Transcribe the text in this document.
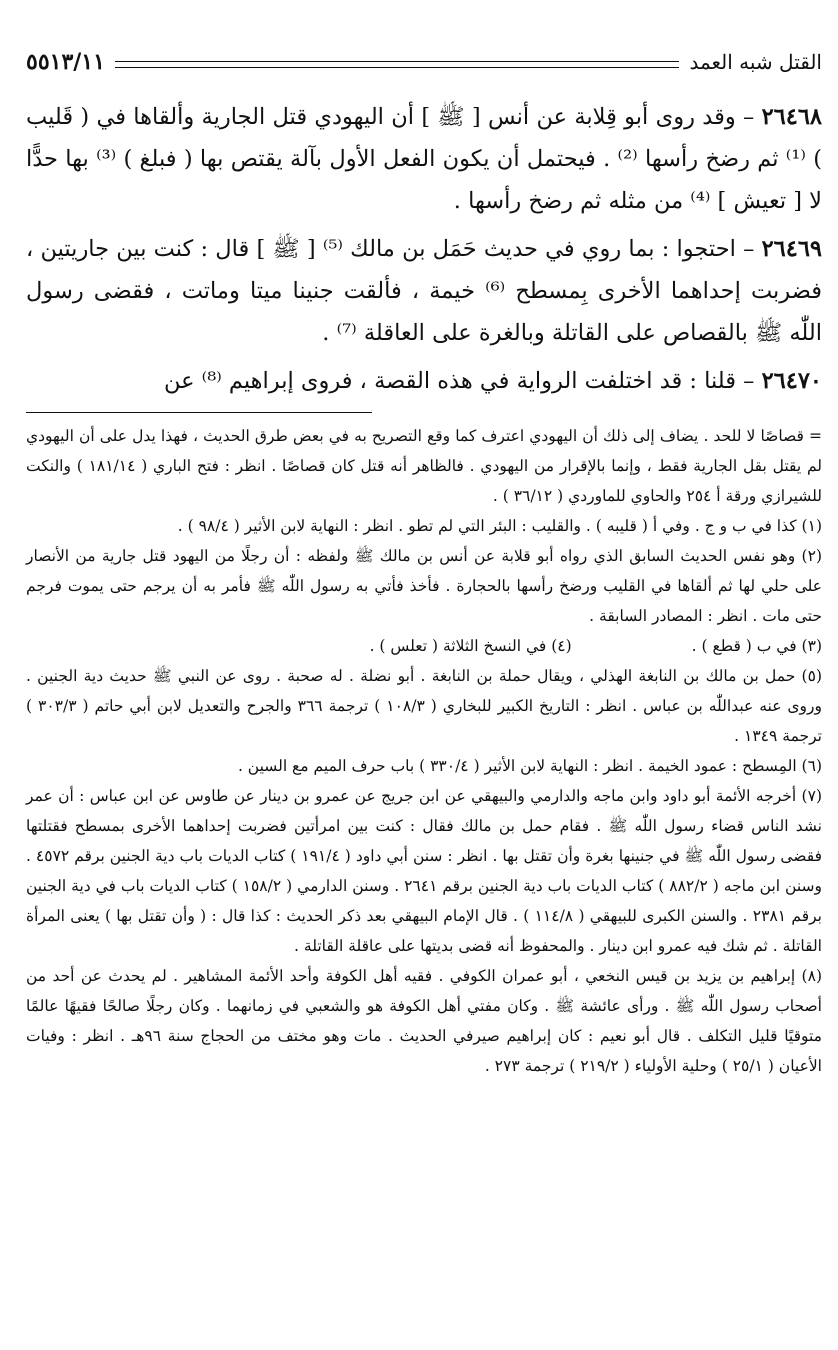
القتل شبه العمد
٥٥١٣/١١

٢٦٤٦٨ – وقد روى أبو قِلابة عن أنس [ ﷺ ] أن اليهودي قتل الجارية وألقاها في ( قَليب ) ⁽¹⁾ ثم رضخ رأسها ⁽²⁾ . فيحتمل أن يكون الفعل الأول بآلة يقتص بها ( فبلغ ) ⁽³⁾ بها حدًّا لا [ تعيش ] ⁽⁴⁾ من مثله ثم رضخ رأسها .

٢٦٤٦٩ – احتجوا : بما روي في حديث حَمَل بن مالك ⁽⁵⁾ [ ﷺ ] قال : كنت بين جاريتين ، فضربت إحداهما الأخرى بِمسطح ⁽⁶⁾ خيمة ، فألقت جنينا ميتا وماتت ، فقضى رسول اللّٰه ﷺ بالقصاص على القاتلة وبالغرة على العاقلة ⁽⁷⁾ .

٢٦٤٧٠ – قلنا : قد اختلفت الرواية في هذه القصة ، فروى إبراهيم ⁽⁸⁾ عن

= قصاصًا لا للحد . يضاف إلى ذلك أن اليهودي اعترف كما وقع التصريح به في بعض طرق الحديث ، فهذا يدل على أن اليهودي لم يقتل بقل الجارية فقط ، وإنما بالإقرار من اليهودي . فالظاهر أنه قتل كان قصاصًا . انظر : فتح الباري ( ١٨١/١٤ ) والنكت للشيرازي ورقة أ ٢٥٤ والحاوي للماوردي ( ٣٦/١٢ ) .

(١) كذا في ب و ج . وفي أ ( قليبه ) . والقليب : البئر التي لم تطو . انظر : النهاية لابن الأثير ( ٩٨/٤ ) .

(٢) وهو نفس الحديث السابق الذي رواه أبو قلابة عن أنس بن مالك ﷺ ولفظه : أن رجلًا من اليهود قتل جارية من الأنصار على حلي لها ثم ألقاها في القليب ورضخ رأسها بالحجارة . فأخذ فأتي به رسول اللّٰه ﷺ فأمر به أن يرجم حتى يموت فرجم حتى مات . انظر : المصادر السابقة .

(٣) في ب ( قطع ) .
(٤) في النسخ الثلاثة ( تعلس ) .

(٥) حمل بن مالك بن النابغة الهذلي ، ويقال حملة بن النابغة . أبو نضلة . له صحبة . روى عن النبي ﷺ حديث دية الجنين . وروى عنه عبداللّٰه بن عباس . انظر : التاريخ الكبير للبخاري ( ١٠٨/٣ ) ترجمة ٣٦٦ والجرح والتعديل لابن أبي حاتم ( ٣٠٣/٣ ) ترجمة ١٣٤٩ .

(٦) المِسطح : عمود الخيمة . انظر : النهاية لابن الأثير ( ٣٣٠/٤ ) باب حرف الميم مع السين .

(٧) أخرجه الأئمة أبو داود وابن ماجه والدارمي والبيهقي عن ابن جريج عن عمرو بن دينار عن طاوس عن ابن عباس : أن عمر نشد الناس قضاء رسول اللّٰه ﷺ . فقام حمل بن مالك فقال : كنت بين امرأتين فضربت إحداهما الأخرى بمسطح فقتلتها فقضى رسول اللّٰه ﷺ في جنينها بغرة وأن تقتل بها . انظر : سنن أبي داود ( ١٩١/٤ ) كتاب الديات باب دية الجنين برقم ٤٥٧٢ . وسنن ابن ماجه ( ٨٨٢/٢ ) كتاب الديات باب دية الجنين برقم ٢٦٤١ . وسنن الدارمي ( ١٥٨/٢ ) كتاب الديات باب في دية الجنين برقم ٢٣٨١ . والسنن الكبرى للبيهقي ( ١١٤/٨ ) . قال الإمام البيهقي بعد ذكر الحديث : كذا قال : ( وأن تقتل بها ) يعنى المرأة القاتلة . ثم شك فيه عمرو ابن دينار . والمحفوظ أنه قضى بديتها على عاقلة القاتلة .

(٨) إبراهيم بن يزيد بن قيس النخعي ، أبو عمران الكوفي . فقيه أهل الكوفة وأحد الأئمة المشاهير . لم يحدث عن أحد من أصحاب رسول اللّٰه ﷺ . ورأى عائشة ﷺ . وكان مفتي أهل الكوفة هو والشعبي في زمانهما . وكان رجلًا صالحًا فقيهًا عالمًا متوقيًا قليل التكلف . قال أبو نعيم : كان إبراهيم صيرفي الحديث . مات وهو مختف من الحجاج سنة ٩٦هـ . انظر : وفيات الأعيان ( ٢٥/١ ) وحلية الأولياء ( ٢١٩/٢ ) ترجمة ٢٧٣ .
